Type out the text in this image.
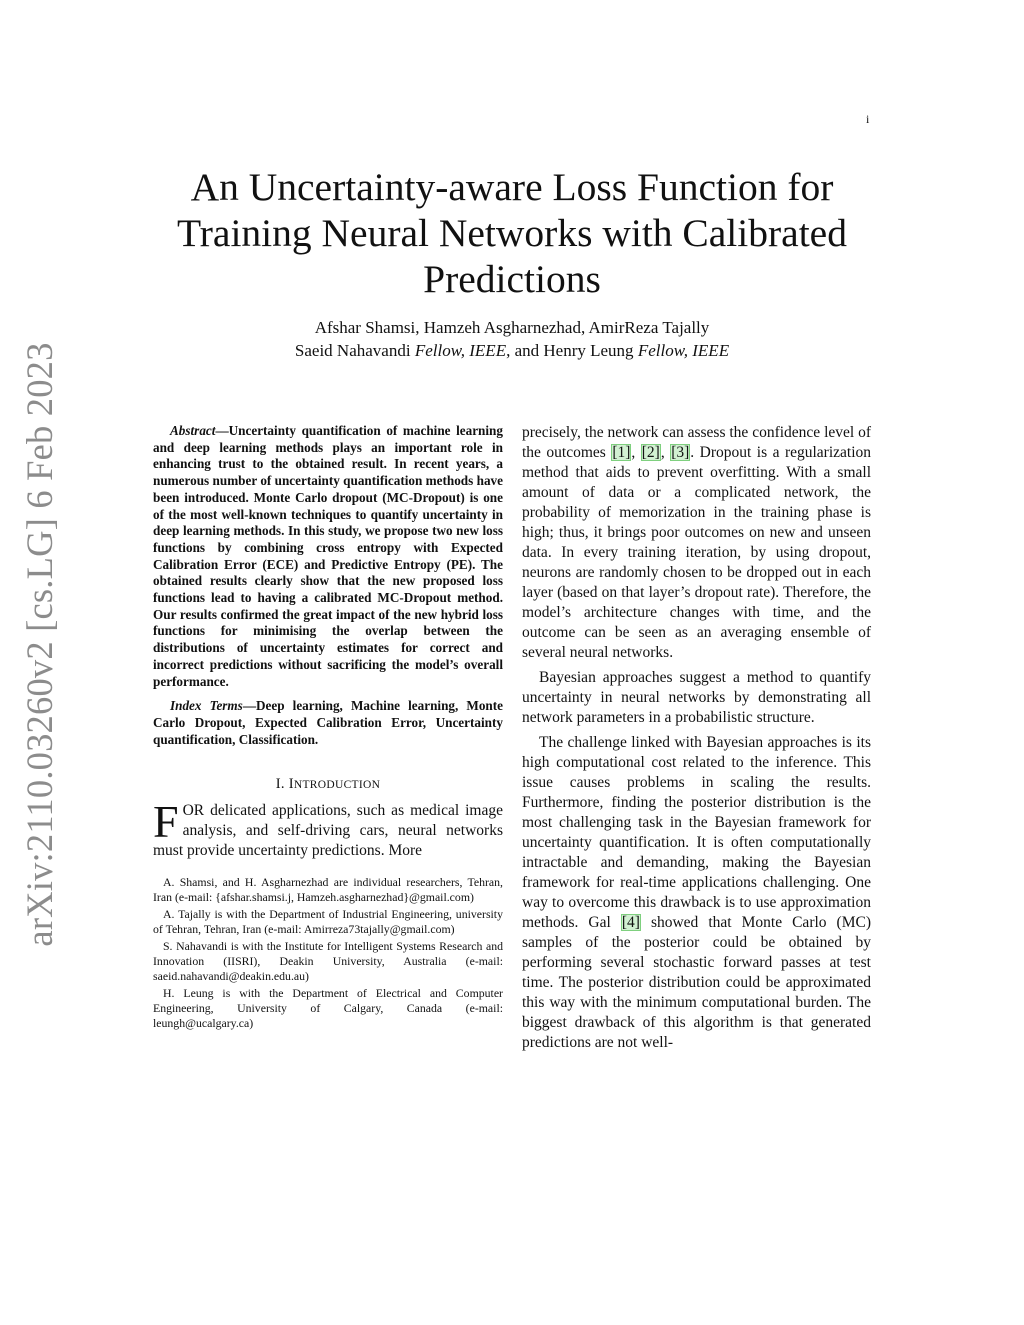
arXiv:2110.03260v2 [cs.LG] 6 Feb 2023
i
An Uncertainty-aware Loss Function for
Training Neural Networks with Calibrated
Predictions
Afshar Shamsi, Hamzeh Asgharnezhad, AmirReza Tajally
Saeid Nahavandi Fellow, IEEE, and Henry Leung Fellow, IEEE

Abstract—Uncertainty quantification of machine learning and deep learning methods plays an important role in enhancing trust to the obtained result. In recent years, a numerous number of uncertainty quantification methods have been introduced. Monte Carlo dropout (MC-Dropout) is one of the most well-known techniques to quantify uncertainty in deep learning methods. In this study, we propose two new loss functions by combining cross entropy with Expected Calibration Error (ECE) and Predictive Entropy (PE). The obtained results clearly show that the new proposed loss functions lead to having a calibrated MC-Dropout method. Our results confirmed the great impact of the new hybrid loss functions for minimising the overlap between the distributions of uncertainty estimates for correct and incorrect predictions without sacrificing the model’s overall performance.

Index Terms—Deep learning, Machine learning, Monte Carlo Dropout, Expected Calibration Error, Uncertainty quantification, Classification.

I. INTRODUCTION

FOR delicated applications, such as medical image analysis, and self-driving cars, neural networks must provide uncertainty predictions. More

A. Shamsi, and H. Asgharnezhad are individual researchers, Tehran, Iran (e-mail: {afshar.shamsi.j, Hamzeh.asgharnezhad}@gmail.com)

A. Tajally is with the Department of Industrial Engineering, university of Tehran, Tehran, Iran (e-mail: Amirreza73tajally@gmail.com)

S. Nahavandi is with the Institute for Intelligent Systems Research and Innovation (IISRI), Deakin University, Australia (e-mail: saeid.nahavandi@deakin.edu.au)

H. Leung is with the Department of Electrical and Computer Engineering, University of Calgary, Canada (e-mail: leungh@ucalgary.ca)

precisely, the network can assess the confidence level of the outcomes [1], [2], [3]. Dropout is a regularization method that aids to prevent overfitting. With a small amount of data or a complicated network, the probability of memorization in the training phase is high; thus, it brings poor outcomes on new and unseen data. In every training iteration, by using dropout, neurons are randomly chosen to be dropped out in each layer (based on that layer’s dropout rate). Therefore, the model’s architecture changes with time, and the outcome can be seen as an averaging ensemble of several neural networks.

Bayesian approaches suggest a method to quantify uncertainty in neural networks by demonstrating all network parameters in a probabilistic structure.

The challenge linked with Bayesian approaches is its high computational cost related to the inference. This issue causes problems in scaling the results. Furthermore, finding the posterior distribution is the most challenging task in the Bayesian framework for uncertainty quantification. It is often computationally intractable and demanding, making the Bayesian framework for real-time applications challenging. One way to overcome this drawback is to use approximation methods. Gal [4] showed that Monte Carlo (MC) samples of the posterior could be obtained by performing several stochastic forward passes at test time. The posterior distribution could be approximated this way with the minimum computational burden. The biggest drawback of this algorithm is that generated predictions are not well-
